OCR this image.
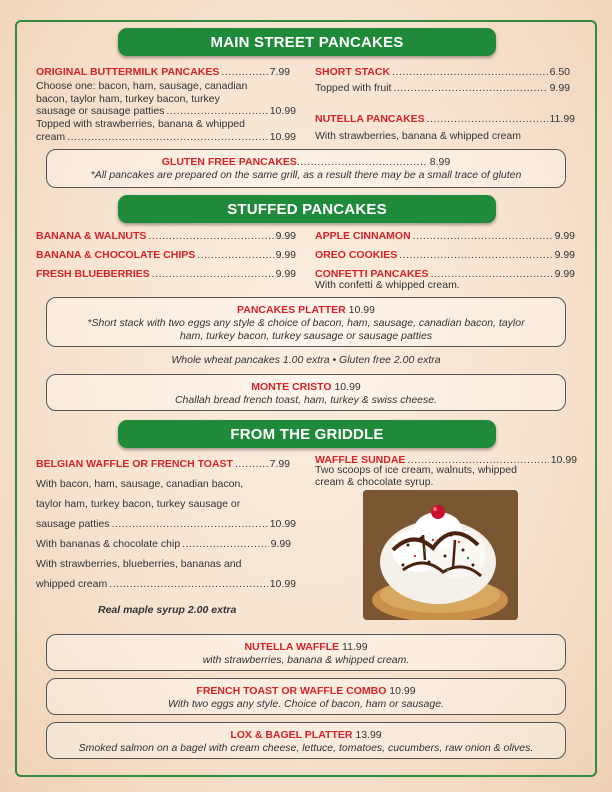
MAIN STREET PANCAKES
ORIGINAL BUTTERMILK PANCAKES .....	7.99
Choose one: bacon, ham, sausage, canadian
bacon, taylor ham, turkey bacon, turkey
sausage or sausage patties .....	10.99
Topped with strawberries, banana & whipped
cream .....	10.99
SHORT STACK .....	6.50
Topped with fruit .....	9.99
NUTELLA PANCAKES .....	11.99
With strawberries, banana & whipped cream
GLUTEN FREE PANCAKES ...................................... 8.99
*All pancakes are prepared on the same grill, as a result there may be a small trace of gluten
STUFFED PANCAKES
BANANA & WALNUTS .....	9.99
BANANA & CHOCOLATE CHIPS .....	9.99
FRESH BLUEBERRIES .....	9.99
APPLE CINNAMON .....	9.99
OREO COOKIES .....	9.99
CONFETTI PANCAKES .....	9.99
With confetti & whipped cream.
PANCAKES PLATTER 10.99
*Short stack with two eggs any style & choice of bacon, ham, sausage, canadian bacon, taylor
ham, turkey bacon, turkey sausage or sausage patties
Whole wheat pancakes 1.00 extra • Gluten free 2.00 extra
MONTE CRISTO 10.99
Challah bread french toast, ham, turkey & swiss cheese.
FROM THE GRIDDLE
BELGIAN WAFFLE OR FRENCH TOAST .....	7.99
With bacon, ham, sausage, canadian bacon,
taylor ham, turkey bacon, turkey sausage or
sausage patties .....	10.99
With bananas & chocolate chip .....	9.99
With strawberries, blueberries, bananas and
whipped cream .....	10.99
Real maple syrup 2.00 extra
WAFFLE SUNDAE .....	10.99
Two scoops of ice cream, walnuts, whipped
cream & chocolate syrup.
NUTELLA WAFFLE 11.99
with strawberries, banana & whipped cream.
FRENCH TOAST OR WAFFLE COMBO 10.99
With two eggs any style. Choice of bacon, ham or sausage.
LOX & BAGEL PLATTER 13.99
Smoked salmon on a bagel with cream cheese, lettuce, tomatoes, cucumbers, raw onion & olives.
